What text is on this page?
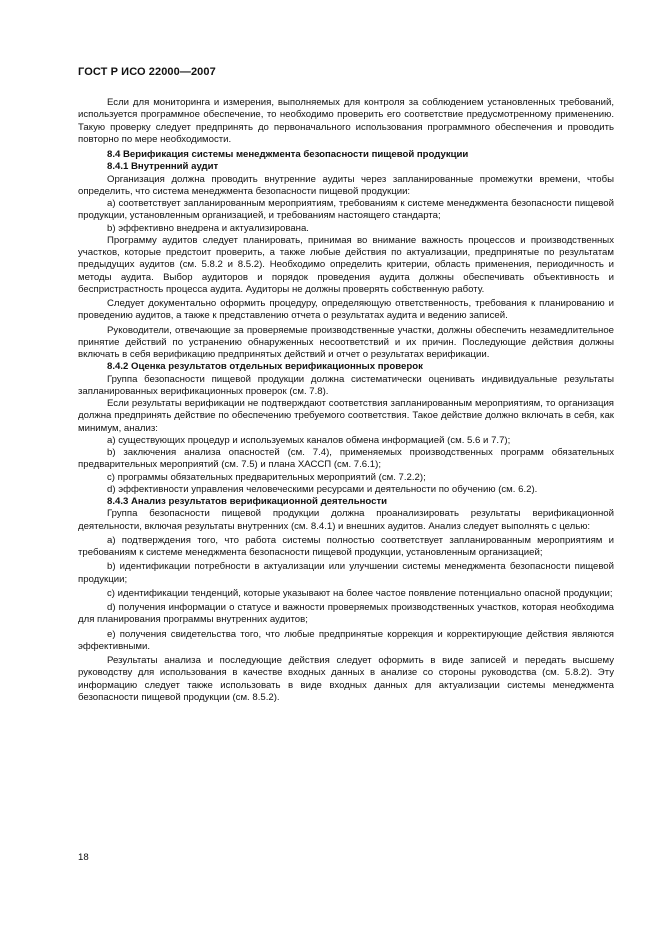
ГОСТ Р ИСО 22000—2007

Если для мониторинга и измерения, выполняемых для контроля за соблюдением установленных требований, используется программное обеспечение, то необходимо проверить его соответствие предусмотренному применению. Такую проверку следует предпринять до первоначального использования программного обеспечения и проводить повторно по мере необходимости.

8.4 Верификация системы менеджмента безопасности пищевой продукции
8.4.1 Внутренний аудит

Организация должна проводить внутренние аудиты через запланированные промежутки времени, чтобы определить, что система менеджмента безопасности пищевой продукции:

а) соответствует запланированным мероприятиям, требованиям к системе менеджмента безопасности пищевой продукции, установленным организацией, и требованиям настоящего стандарта;

b) эффективно внедрена и актуализирована.

Программу аудитов следует планировать, принимая во внимание важность процессов и производственных участков, которые предстоит проверить, а также любые действия по актуализации, предпринятые по результатам предыдущих аудитов (см. 5.8.2 и 8.5.2). Необходимо определить критерии, область применения, периодичность и методы аудита. Выбор аудиторов и порядок проведения аудита должны обеспечивать объективность и беспристрастность процесса аудита. Аудиторы не должны проверять собственную работу.

Следует документально оформить процедуру, определяющую ответственность, требования к планированию и проведению аудитов, а также к представлению отчета о результатах аудита и ведению записей.

Руководители, отвечающие за проверяемые производственные участки, должны обеспечить незамедлительное принятие действий по устранению обнаруженных несоответствий и их причин. Последующие действия должны включать в себя верификацию предпринятых действий и отчет о результатах верификации.

8.4.2 Оценка результатов отдельных верификационных проверок

Группа безопасности пищевой продукции должна систематически оценивать индивидуальные результаты запланированных верификационных проверок (см. 7.8).

Если результаты верификации не подтверждают соответствия запланированным мероприятиям, то организация должна предпринять действие по обеспечению требуемого соответствия. Такое действие должно включать в себя, как минимум, анализ:

а) существующих процедур и используемых каналов обмена информацией (см. 5.6 и 7.7);

b) заключения анализа опасностей (см. 7.4), применяемых производственных программ обязательных предварительных мероприятий (см. 7.5) и плана ХАССП (см. 7.6.1);

с) программы обязательных предварительных мероприятий (см. 7.2.2);

d) эффективности управления человеческими ресурсами и деятельности по обучению (см. 6.2).

8.4.3 Анализ результатов верификационной деятельности

Группа безопасности пищевой продукции должна проанализировать результаты верификационной деятельности, включая результаты внутренних (см. 8.4.1) и внешних аудитов. Анализ следует выполнять с целью:

а) подтверждения того, что работа системы полностью соответствует запланированным мероприятиям и требованиям к системе менеджмента безопасности пищевой продукции, установленным организацией;

b) идентификации потребности в актуализации или улучшении системы менеджмента безопасности пищевой продукции;

с) идентификации тенденций, которые указывают на более частое появление потенциально опасной продукции;

d) получения информации о статусе и важности проверяемых производственных участков, которая необходима для планирования программы внутренних аудитов;

е) получения свидетельства того, что любые предпринятые коррекция и корректирующие действия являются эффективными.

Результаты анализа и последующие действия следует оформить в виде записей и передать высшему руководству для использования в качестве входных данных в анализе со стороны руководства (см. 5.8.2). Эту информацию следует также использовать в виде входных данных для актуализации системы менеджмента безопасности пищевой продукции (см. 8.5.2).

18
